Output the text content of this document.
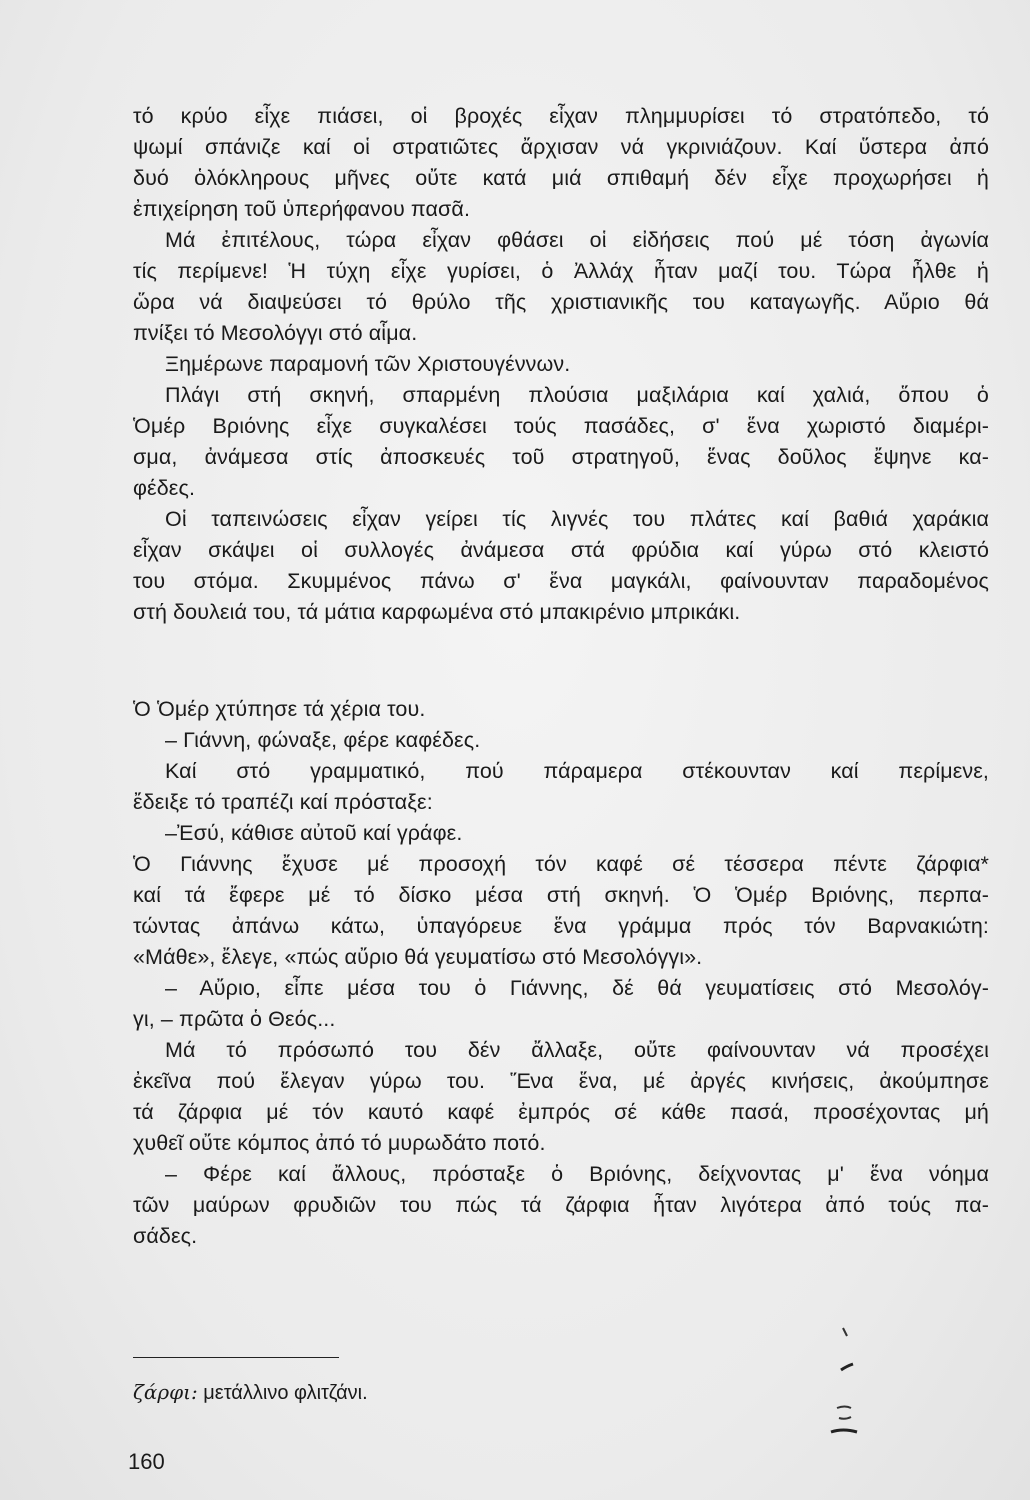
τό κρύο εἶχε πιάσει, οἱ βροχές εἶχαν πλημμυρίσει τό στρατόπεδο, τό
ψωμί σπάνιζε καί οἱ στρατιῶτες ἄρχισαν νά γκρινιάζουν. Καί ὕστερα ἀπό
δυό ὁλόκληρους μῆνες οὔτε κατά μιά σπιθαμή δέν εἶχε προχωρήσει ἡ
ἐπιχείρηση τοῦ ὑπερήφανου πασᾶ.
Μά ἐπιτέλους, τώρα εἶχαν φθάσει οἱ εἰδήσεις πού μέ τόση ἀγωνία
τίς περίμενε! Ἡ τύχη εἶχε γυρίσει, ὁ Ἀλλάχ ἦταν μαζί του. Τώρα ἦλθε ἡ
ὥρα νά διαψεύσει τό θρύλο τῆς χριστιανικῆς του καταγωγῆς. Αὔριο θά
πνίξει τό Μεσολόγγι στό αἷμα.
Ξημέρωνε παραμονή τῶν Χριστουγέννων.
Πλάγι στή σκηνή, σπαρμένη πλούσια μαξιλάρια καί χαλιά, ὅπου ὁ
Ὁμέρ Βριόνης εἶχε συγκαλέσει τούς πασάδες, σ' ἕνα χωριστό διαμέρι-
σμα, ἀνάμεσα στίς ἀποσκευές τοῦ στρατηγοῦ, ἕνας δοῦλος ἔψηνε κα-
φέδες.
Οἱ ταπεινώσεις εἶχαν γείρει τίς λιγνές του πλάτες καί βαθιά χαράκια
εἶχαν σκάψει οἱ συλλογές ἀνάμεσα στά φρύδια καί γύρω στό κλειστό
του στόμα. Σκυμμένος πάνω σ' ἕνα μαγκάλι, φαίνουνταν παραδομένος
στή δουλειά του, τά μάτια καρφωμένα στό μπακιρένιο μπρικάκι.
Ὁ Ὁμέρ χτύπησε τά χέρια του.
– Γιάννη, φώναξε, φέρε καφέδες.
Καί στό γραμματικό, πού πάραμερα στέκουνταν καί περίμενε,
ἔδειξε τό τραπέζι καί πρόσταξε:
–Ἐσύ, κάθισε αὐτοῦ καί γράφε.
Ὁ Γιάννης ἔχυσε μέ προσοχή τόν καφέ σέ τέσσερα πέντε ζάρφια*
καί τά ἔφερε μέ τό δίσκο μέσα στή σκηνή. Ὁ Ὁμέρ Βριόνης, περπα-
τώντας ἀπάνω κάτω, ὑπαγόρευε ἕνα γράμμα πρός τόν Βαρνακιώτη:
«Μάθε», ἔλεγε, «πώς αὔριο θά γευματίσω στό Μεσολόγγι».
– Αὔριο, εἶπε μέσα του ὁ Γιάννης, δέ θά γευματίσεις στό Μεσολόγ-
γι, – πρῶτα ὁ Θεός...
Μά τό πρόσωπό του δέν ἄλλαξε, οὔτε φαίνουνταν νά προσέχει
ἐκεῖνα πού ἔλεγαν γύρω του. Ἕνα ἕνα, μέ ἀργές κινήσεις, ἀκούμπησε
τά ζάρφια μέ τόν καυτό καφέ ἐμπρός σέ κάθε πασά, προσέχοντας μή
χυθεῖ οὔτε κόμπος ἀπό τό μυρωδάτο ποτό.
– Φέρε καί ἄλλους, πρόσταξε ὁ Βριόνης, δείχνοντας μ' ἕνα νόημα
τῶν μαύρων φρυδιῶν του πώς τά ζάρφια ἦταν λιγότερα ἀπό τούς πα-
σάδες.
ζάρφι: μετάλλινο φλιτζάνι.
160
